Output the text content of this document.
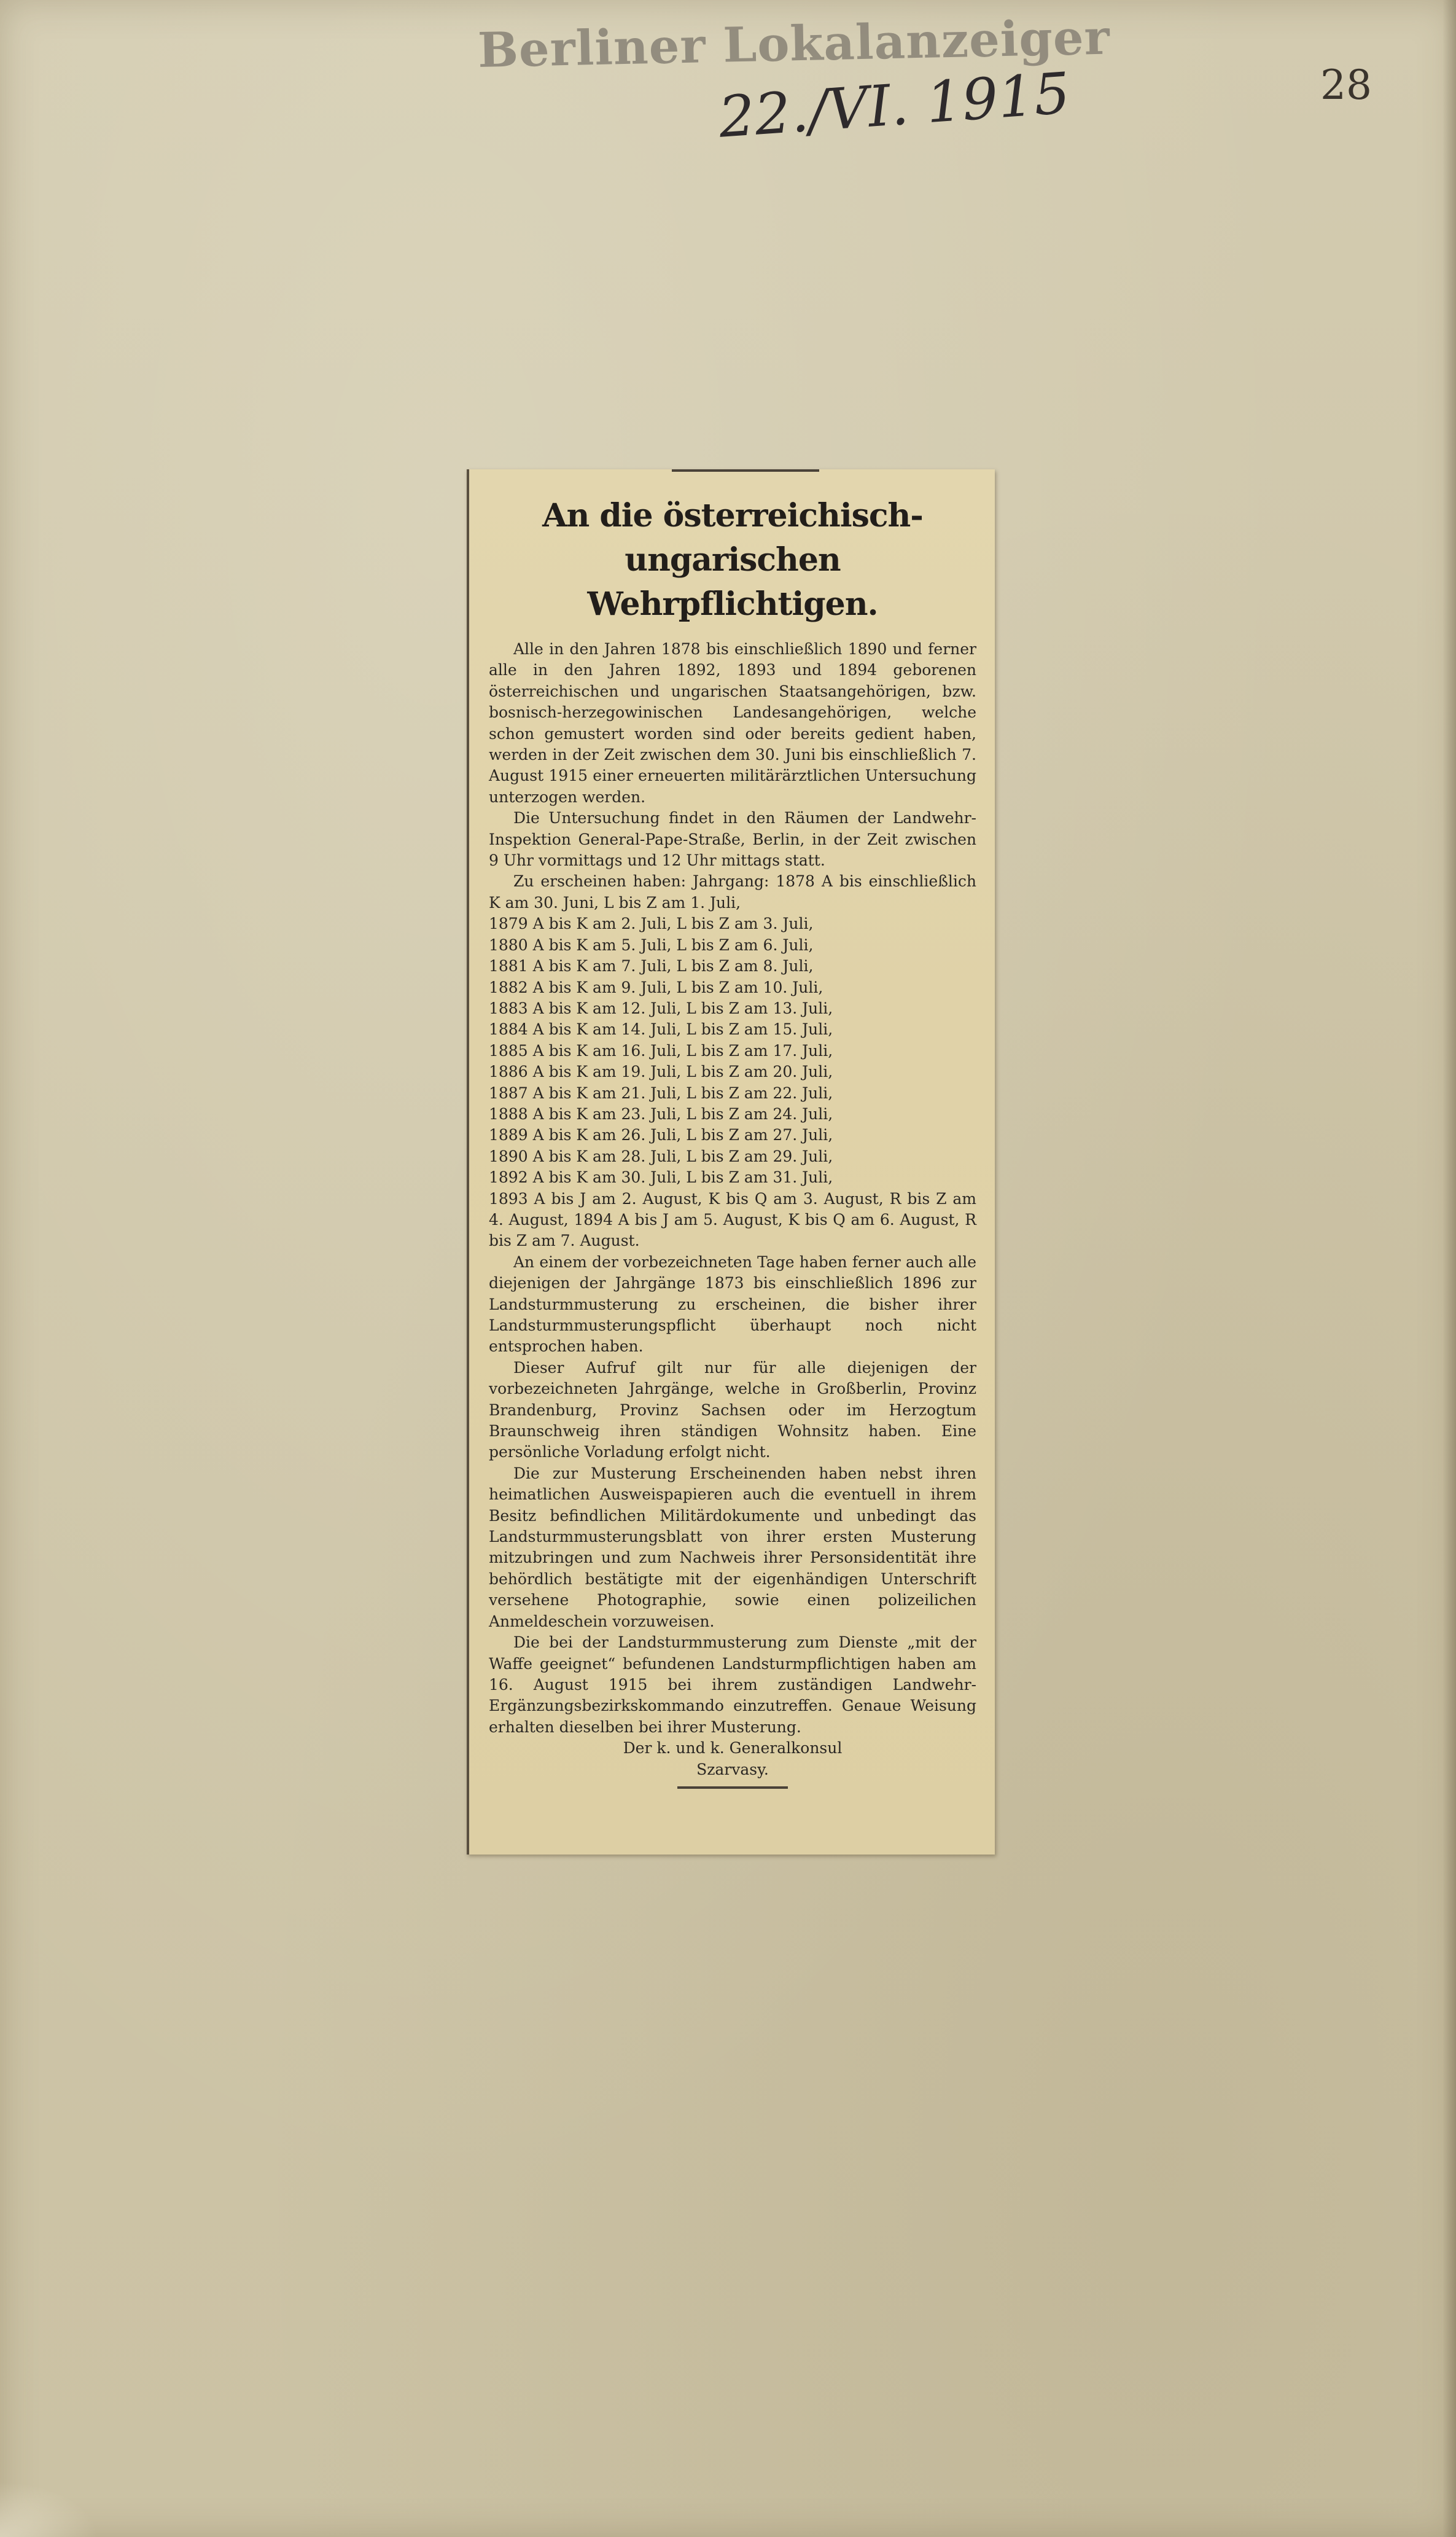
Berliner Lokalanzeiger
22./VI. 1915	28
An die österreichisch-ungarischen
Wehrpflichtigen.

Alle in den Jahren 1878 bis einschließlich 1890 und ferner alle in den Jahren 1892, 1893 und 1894 geborenen österreichischen und ungarischen Staatsangehörigen, bzw. bosnisch-herzegowinischen Landesangehörigen, welche schon gemustert worden sind oder bereits gedient haben, werden in der Zeit zwischen dem 30. Juni bis einschließlich 7. August 1915 einer erneuerten militärärztlichen Untersuchung unterzogen werden.

Die Untersuchung findet in den Räumen der Landwehr-Inspektion General-Pape-Straße, Berlin, in der Zeit zwischen 9 Uhr vormittags und 12 Uhr mittags statt.

Zu erscheinen haben: Jahrgang: 1878 A bis einschließlich K am 30. Juni, L bis Z am 1. Juli,

1879 A bis K am 2. Juli, L bis Z am 3. Juli,
1880 A bis K am 5. Juli, L bis Z am 6. Juli,
1881 A bis K am 7. Juli, L bis Z am 8. Juli,
1882 A bis K am 9. Juli, L bis Z am 10. Juli,
1883 A bis K am 12. Juli, L bis Z am 13. Juli,
1884 A bis K am 14. Juli, L bis Z am 15. Juli,
1885 A bis K am 16. Juli, L bis Z am 17. Juli,
1886 A bis K am 19. Juli, L bis Z am 20. Juli,
1887 A bis K am 21. Juli, L bis Z am 22. Juli,
1888 A bis K am 23. Juli, L bis Z am 24. Juli,
1889 A bis K am 26. Juli, L bis Z am 27. Juli,
1890 A bis K am 28. Juli, L bis Z am 29. Juli,
1892 A bis K am 30. Juli, L bis Z am 31. Juli,
1893 A bis J am 2. August, K bis Q am 3. August, R bis Z am 4. August, 1894 A bis J am 5. August, K bis Q am 6. August, R bis Z am 7. August.

An einem der vorbezeichneten Tage haben ferner auch alle diejenigen der Jahrgänge 1873 bis einschließlich 1896 zur Landsturmmusterung zu erscheinen, die bisher ihrer Landsturmmusterungspflicht überhaupt noch nicht entsprochen haben.

Dieser Aufruf gilt nur für alle diejenigen der vorbezeichneten Jahrgänge, welche in Großberlin, Provinz Brandenburg, Provinz Sachsen oder im Herzogtum Braunschweig ihren ständigen Wohnsitz haben. Eine persönliche Vorladung erfolgt nicht.

Die zur Musterung Erscheinenden haben nebst ihren heimatlichen Ausweispapieren auch die eventuell in ihrem Besitz befindlichen Militärdokumente und unbedingt das Landsturmmusterungsblatt von ihrer ersten Musterung mitzubringen und zum Nachweis ihrer Personsidentität ihre behördlich bestätigte mit der eigenhändigen Unterschrift versehene Photographie, sowie einen polizeilichen Anmeldeschein vorzuweisen.

Die bei der Landsturmmusterung zum Dienste „mit der Waffe geeignet“ befundenen Landsturmpflichtigen haben am 16. August 1915 bei ihrem zuständigen Landwehr- Ergänzungsbezirkskommando einzutreffen. Genaue Weisung erhalten dieselben bei ihrer Musterung.

Der k. und k. Generalkonsul
Szarvasy.
